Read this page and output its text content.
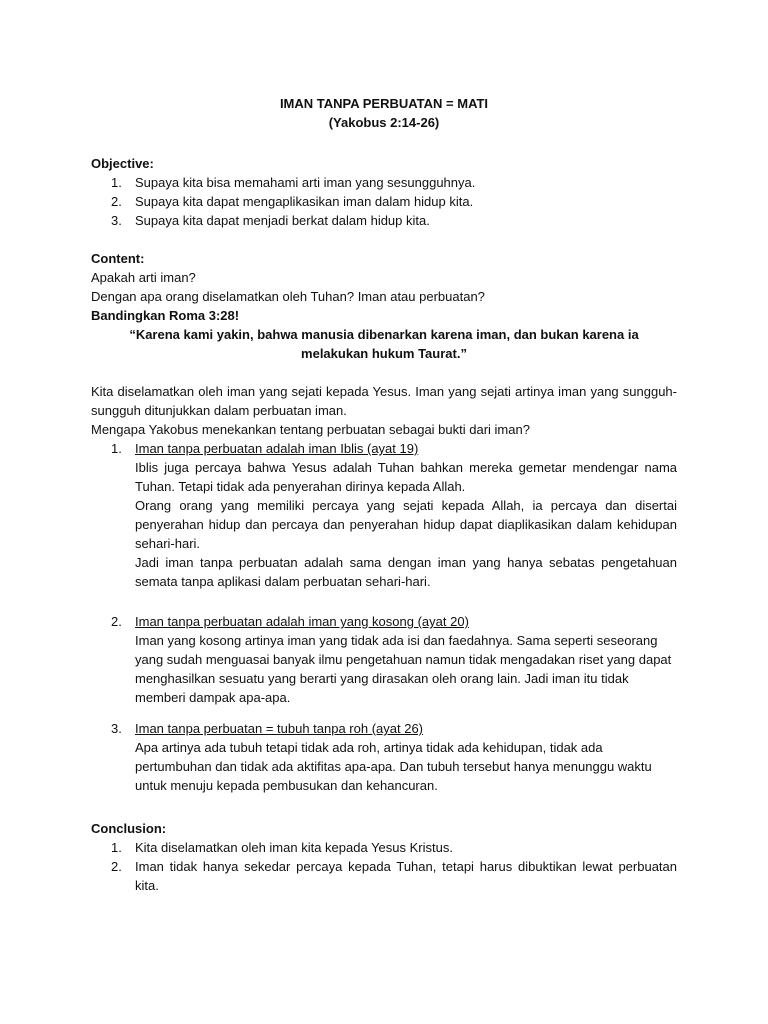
IMAN TANPA PERBUATAN = MATI

(Yakobus 2:14-26)

Objective:

1. Supaya kita bisa memahami arti iman yang sesungguhnya.
2. Supaya kita dapat mengaplikasikan iman dalam hidup kita.
3. Supaya kita dapat menjadi berkat dalam hidup kita.

Content:

Apakah arti iman?

Dengan apa orang diselamatkan oleh Tuhan? Iman atau perbuatan?

Bandingkan Roma 3:28!

“Karena kami yakin, bahwa manusia dibenarkan karena iman, dan bukan karena ia melakukan hukum Taurat.”

Kita diselamatkan oleh iman yang sejati kepada Yesus. Iman yang sejati artinya iman yang sungguh-sungguh ditunjukkan dalam perbuatan iman.

Mengapa Yakobus menekankan tentang perbuatan sebagai bukti dari iman?

1. Iman tanpa perbuatan adalah iman Iblis (ayat 19)

Iblis juga percaya bahwa Yesus adalah Tuhan bahkan mereka gemetar mendengar nama Tuhan. Tetapi tidak ada penyerahan dirinya kepada Allah.

Orang orang yang memiliki percaya yang sejati kepada Allah, ia percaya dan disertai penyerahan hidup dan percaya dan penyerahan hidup dapat diaplikasikan dalam kehidupan sehari-hari.

Jadi iman tanpa perbuatan adalah sama dengan iman yang hanya sebatas pengetahuan semata tanpa aplikasi dalam perbuatan sehari-hari.

2. Iman tanpa perbuatan adalah iman yang kosong (ayat 20)

Iman yang kosong artinya iman yang tidak ada isi dan faedahnya. Sama seperti seseorang yang sudah menguasai banyak ilmu pengetahuan namun tidak mengadakan riset yang dapat menghasilkan sesuatu yang berarti yang dirasakan oleh orang lain. Jadi iman itu tidak memberi dampak apa-apa.

3. Iman tanpa perbuatan = tubuh tanpa roh (ayat 26)

Apa artinya ada tubuh tetapi tidak ada roh, artinya tidak ada kehidupan, tidak ada pertumbuhan dan tidak ada aktifitas apa-apa. Dan tubuh tersebut hanya menunggu waktu untuk menuju kepada pembusukan dan kehancuran.

Conclusion:

1. Kita diselamatkan oleh iman kita kepada Yesus Kristus.
2. Iman tidak hanya sekedar percaya kepada Tuhan, tetapi harus dibuktikan lewat perbuatan kita.
